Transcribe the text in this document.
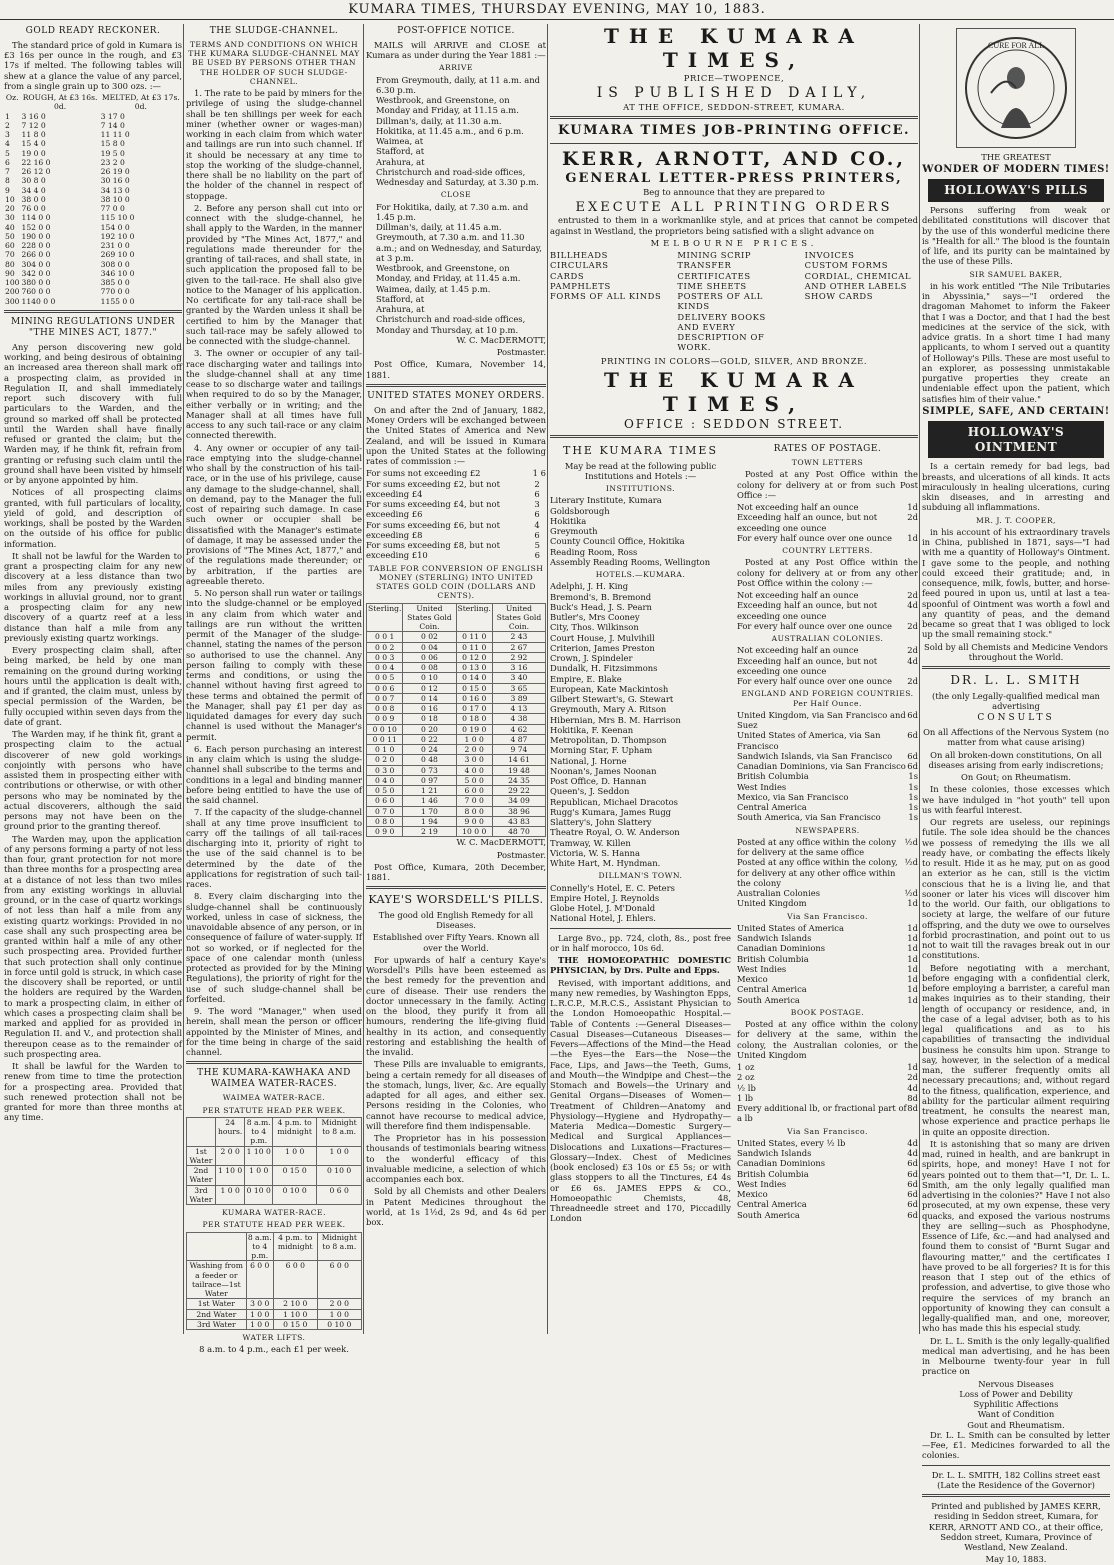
KUMARA TIMES, THURSDAY EVENING, MAY 10, 1883.
GOLD READY RECKONER.

The standard price of gold in Kumara is £3 16s per ounce in the rough, and £3 17s if melted. The following tables will shew at a glance the value of any parcel, from a single grain up to 300 ozs. :—

Oz.	ROUGH, At £3 16s. 0d.	MELTED, At £3 17s. 0d.
1	3 16 0	3 17 0
2	7 12 0	7 14 0
3	11 8 0	11 11 0
4	15 4 0	15 8 0
5	19 0 0	19 5 0
6	22 16 0	23 2 0
7	26 12 0	26 19 0
8	30 8 0	30 16 0
9	34 4 0	34 13 0
10	38 0 0	38 10 0
20	76 0 0	77 0 0
30	114 0 0	115 10 0
40	152 0 0	154 0 0
50	190 0 0	192 10 0
60	228 0 0	231 0 0
70	266 0 0	269 10 0
80	304 0 0	308 0 0
90	342 0 0	346 10 0
100	380 0 0	385 0 0
200	760 0 0	770 0 0
300	1140 0 0	1155 0 0
MINING REGULATIONS UNDER "THE MINES ACT, 1877."

Any person discovering new gold working, and being desirous of obtaining an increased area thereon shall mark off a prospecting claim, as provided in Regulation II, and shall immediately report such discovery with full particulars to the Warden, and the ground so marked off shall be protected until the Warden shall have finally refused or granted the claim; but the Warden may, if he think fit, refrain from granting or refusing such claim until the ground shall have been visited by himself or by anyone appointed by him.

Notices of all prospecting claims granted, with full particulars of locality, yield of gold, and description of workings, shall be posted by the Warden on the outside of his office for public information.

It shall not be lawful for the Warden to grant a prospecting claim for any new discovery at a less distance than two miles from any previously existing workings in alluvial ground, nor to grant a prospecting claim for any new discovery of a quartz reef at a less distance than half a mile from any previously existing quartz workings.

Every prospecting claim shall, after being marked, be held by one man remaining on the ground during working hours until the application is dealt with, and if granted, the claim must, unless by special permission of the Warden, be fully occupied within seven days from the date of grant.

The Warden may, if he think fit, grant a prospecting claim to the actual discoverer of new gold workings conjointly with persons who have assisted them in prospecting either with contributions or otherwise, or with other persons who may be nominated by the actual discoverers, although the said persons may not have been on the ground prior to the granting thereof.

The Warden may, upon the application of any persons forming a party of not less than four, grant protection for not more than three months for a prospecting area at a distance of not less than two miles from any existing workings in alluvial ground, or in the case of quartz workings of not less than half a mile from any existing quartz workings: Provided in no case shall any such prospecting area be granted within half a mile of any other such prospecting area. Provided further that such protection shall only continue in force until gold is struck, in which case the discovery shall be reported, or until the holders are required by the Warden to mark a prospecting claim, in either of which cases a prospecting claim shall be marked and applied for as provided in Regulation II. and V., and protection shall thereupon cease as to the remainder of such prospecting area.

It shall be lawful for the Warden to renew from time to time the protection for a prospecting area. Provided that such renewed protection shall not be granted for more than three months at any time.

THE SLUDGE-CHANNEL.
TERMS AND CONDITIONS ON WHICH THE KUMARA SLUDGE-CHANNEL MAY BE USED BY PERSONS OTHER THAN THE HOLDER OF SUCH SLUDGE-CHANNEL.

1. The rate to be paid by miners for the privilege of using the sludge-channel shall be ten shillings per week for each miner (whether owner or wages-man) working in each claim from which water and tailings are run into such channel. If it should be necessary at any time to stop the working of the sludge-channel, there shall be no liability on the part of the holder of the channel in respect of stoppage.

2. Before any person shall cut into or connect with the sludge-channel, he shall apply to the Warden, in the manner provided by "The Mines Act, 1877," and regulations made thereunder for the granting of tail-races, and shall state, in such application the proposed fall to be given to the tail-race. He shall also give notice to the Manager of his application. No certificate for any tail-race shall be granted by the Warden unless it shall be certified to him by the Manager that such tail-race may be safely allowed to be connected with the sludge-channel.

3. The owner or occupier of any tail-race discharging water and tailings into the sludge-channel shall at any time cease to so discharge water and tailings when required to do so by the Manager, either verbally or in writing; and the Manager shall at all times have full access to any such tail-race or any claim connected therewith.

4. Any owner or occupier of any tail-race emptying into the sludge-channel who shall by the construction of his tail-race, or in the use of his privilege, cause any damage to the sludge-channel, shall, on demand, pay to the Manager the full cost of repairing such damage. In case such owner or occupier shall be dissatisfied with the Manager's estimate of damage, it may be assessed under the provisions of "The Mines Act, 1877," and of the regulations made thereunder; or by arbitration, if the parties are agreeable thereto.

5. No person shall run water or tailings into the sludge-channel or be employed in any claim from which water and tailings are run without the written permit of the Manager of the sludge-channel, stating the names of the person so authorised to use the channel. Any person failing to comply with these terms and conditions, or using the channel without having first agreed to these terms and obtained the permit of the Manager, shall pay £1 per day as liquidated damages for every day such channel is used without the Manager's permit.

6. Each person purchasing an interest in any claim which is using the sludge-channel shall subscribe to the terms and conditions in a legal and binding manner before being entitled to have the use of the said channel.

7. If the capacity of the sludge-channel shall at any time prove insufficient to carry off the tailings of all tail-races discharging into it, priority of right to the use of the said channel is to be determined by the date of the applications for registration of such tail-races.

8. Every claim discharging into the sludge-channel shall be continuously worked, unless in case of sickness, the unavoidable absence of any person, or in consequence of failure of water-supply. If not so worked, or if neglected for the space of one calendar month (unless protected as provided for by the Mining Regulations), the priority of right for the use of such sludge-channel shall be forfeited.

9. The word "Manager," when used herein, shall mean the person or officer appointed by the Minister of Mines, and for the time being in charge of the said channel.

THE KUMARA-KAWHAKA AND WAIMEA WATER-RACES.
WAIMEA WATER-RACE.
PER STATUTE HEAD PER WEEK.
	24 hours.	8 a.m. to 4 p.m.	4 p.m. to midnight	Midnight to 8 a.m.
1st Water	2 0 0	1 10 0	1 0 0	1 0 0
2nd Water	1 10 0	1 0 0	0 15 0	0 10 0
3rd Water	1 0 0	0 10 0	0 10 0	0 6 0
KUMARA WATER-RACE.
PER STATUTE HEAD PER WEEK.
	8 a.m. to 4 p.m.	4 p.m. to midnight	Midnight to 8 a.m.
Washing from a feeder or tailrace—1st Water	6 0 0	6 0 0	6 0 0
1st Water	3 0 0	2 10 0	2 0 0
2nd Water	1 0 0	1 10 0	1 0 0
3rd Water	1 0 0	0 15 0	0 10 0
WATER LIFTS.

8 a.m. to 4 p.m., each £1 per week.

POST-OFFICE NOTICE.

MAILS will ARRIVE and CLOSE at Kumara as under during the Year 1881 :—

ARRIVE
From Greymouth, daily, at 11 a.m. and 6.30 p.m.
Westbrook, and Greenstone, on Monday and Friday, at 11.15 a.m.
Dillman's, daily, at 11.30 a.m.
Hokitika, at 11.45 a.m., and 6 p.m.
Waimea, at
Stafford, at
Arahura, at
Christchurch and road-side offices, Wednesday and Saturday, at 3.30 p.m.
CLOSE
For Hokitika, daily, at 7.30 a.m. and 1.45 p.m.
Dillman's, daily, at 11.45 a.m.
Greymouth, at 7.30 a.m. and 11.30 a.m.; and on Wednesday, and Saturday, at 3 p.m.
Westbrook, and Greenstone, on Monday, and Friday, at 11.45 a.m.
Waimea, daily, at 1.45 p.m.
Stafford, at
Arahura, at
Christchurch and road-side offices, Monday and Thursday, at 10 p.m.

W. C. MacDERMOTT,

Postmaster.

Post Office, Kumara, November 14, 1881.

UNITED STATES MONEY ORDERS.

On and after the 2nd of January, 1882, Money Orders will be exchanged between the United States of America and New Zealand, and will be issued in Kumara upon the United States at the following rates of commission :—

For sums not exceeding £2	1 6
For sums exceeding £2, but not exceeding £4
2 6
For sums exceeding £4, but not exceeding £6
3 6
For sums exceeding £6, but not exceeding £8
4 6
For sums exceeding £8, but not exceeding £10
5 6
TABLE FOR CONVERSION OF ENGLISH MONEY (STERLING) INTO UNITED STATES GOLD COIN (DOLLARS AND CENTS).
Sterling.	United States Gold Coin.	Sterling.	United States Gold Coin.
0 0 1	0 02	0 11 0	2 43
0 0 2	0 04	0 11 0	2 67
0 0 3	0 06	0 12 0	2 92
0 0 4	0 08	0 13 0	3 16
0 0 5	0 10	0 14 0	3 40
0 0 6	0 12	0 15 0	3 65
0 0 7	0 14	0 16 0	3 89
0 0 8	0 16	0 17 0	4 13
0 0 9	0 18	0 18 0	4 38
0 0 10	0 20	0 19 0	4 62
0 0 11	0 22	1 0 0	4 87
0 1 0	0 24	2 0 0	9 74
0 2 0	0 48	3 0 0	14 61
0 3 0	0 73	4 0 0	19 48
0 4 0	0 97	5 0 0	24 35
0 5 0	1 21	6 0 0	29 22
0 6 0	1 46	7 0 0	34 09
0 7 0	1 70	8 0 0	38 96
0 8 0	1 94	9 0 0	43 83
0 9 0	2 19	10 0 0	48 70

W. C. MacDERMOTT,

Postmaster.

Post Office, Kumara, 20th December, 1881.

KAYE'S WORSDELL'S PILLS.

The good old English Remedy for all Diseases.

Established over Fifty Years. Known all over the World.

For upwards of half a century Kaye's Worsdell's Pills have been esteemed as the best remedy for the prevention and cure of disease. Their use renders the doctor unnecessary in the family. Acting on the blood, they purify it from all humours, rendering the life-giving fluid healthy in its action, and consequently restoring and establishing the health of the invalid.

These Pills are invaluable to emigrants, being a certain remedy for all diseases of the stomach, lungs, liver, &c. Are equally adapted for all ages, and either sex. Persons residing in the Colonies, who cannot have recourse to medical advice, will therefore find them indispensable.

The Proprietor has in his possession thousands of testimonials bearing witness to the wonderful efficacy of this invaluable medicine, a selection of which accompanies each box.

Sold by all Chemists and other Dealers in Patent Medicines throughout the world, at 1s 1½d, 2s 9d, and 4s 6d per box.

THE KUMARA TIMES,

PRICE—TWOPENCE,

IS PUBLISHED DAILY,

AT THE OFFICE, SEDDON-STREET, KUMARA.

KUMARA TIMES JOB-PRINTING OFFICE.
KERR, ARNOTT, AND CO.,
GENERAL LETTER-PRESS PRINTERS,

Beg to announce that they are prepared to

EXECUTE ALL PRINTING ORDERS

entrusted to them in a workmanlike style, and at prices that cannot be competed against in Westland, the proprietors being satisfied with a slight advance on

MELBOURNE PRICES.

BILLHEADS
CIRCULARS
CARDS
PAMPHLETS
FORMS OF ALL KINDS
MINING SCRIP
TRANSFER CERTIFICATES
TIME SHEETS
POSTERS OF ALL KINDS
DELIVERY BOOKS
AND EVERY DESCRIPTION OF WORK.
INVOICES
CUSTOM FORMS
CORDIAL, CHEMICAL
AND OTHER LABELS
SHOW CARDS

PRINTING IN COLORS—GOLD, SILVER, AND BRONZE.

THE KUMARA TIMES,
OFFICE : SEDDON STREET.
THE KUMARA TIMES

May be read at the following public Institutions and Hotels :—

INSTITUTIONS.
Literary Institute, Kumara
Goldsborough
Hokitika
Greymouth
County Council Office, Hokitika
Reading Room, Ross
Assembly Reading Rooms, Wellington
HOTELS.—KUMARA.
Adelphi, J. H. King
Bremond's, B. Bremond
Buck's Head, J. S. Pearn
Butler's, Mrs Cooney
City, Thos. Wilkinson
Court House, J. Mulvihill
Criterion, James Preston
Crown, J. Spindeler
Dundalk, H. Fitzsimmons
Empire, E. Blake
European, Kate Mackintosh
Gilbert Stewart's, G. Stewart
Greymouth, Mary A. Ritson
Hibernian, Mrs B. M. Harrison
Hokitika, F. Keenan
Metropolitan, D. Thompson
Morning Star, F. Upham
National, J. Horne
Noonan's, James Noonan
Post Office, D. Hannan
Queen's, J. Seddon
Republican, Michael Dracotos
Rugg's Kumara, James Rugg
Slattery's, John Slattery
Theatre Royal, O. W. Anderson
Tramway, W. Killen
Victoria, W. S. Hanna
White Hart, M. Hyndman.
DILLMAN'S TOWN.
Connelly's Hotel, E. C. Peters
Empire Hotel, J. Reynolds
Globe Hotel, J. M'Donald
National Hotel, J. Ehlers.

Large 8vo., pp. 724, cloth, 8s., post free or in half morocco, 10s 6d.

THE HOMOEOPATHIC DOMESTIC PHYSICIAN, by Drs. Pulte and Epps.

Revised, with important additions, and many new remedies, by Washington Epps, L.R.C.P., M.R.C.S., Assistant Physician to the London Homoeopathic Hospital.—Table of Contents :—General Diseases—Casual Diseases—Cutaneous Diseases—Fevers—Affections of the Mind—the Head—the Eyes—the Ears—the Nose—the Face, Lips, and Jaws—the Teeth, Gums, and Mouth—the Windpipe and Chest—the Stomach and Bowels—the Urinary and Genital Organs—Diseases of Women—Treatment of Children—Anatomy and Physiology—Hygiene and Hydropathy—Materia Medica—Domestic Surgery—Medical and Surgical Appliances—Dislocations and Luxations—Fractures—Glossary—Index. Chest of Medicines (book enclosed) £3 10s or £5 5s; or with glass stoppers to all the Tinctures, £4 4s or £6 6s. JAMES EPPS & CO., Homoeopathic Chemists, 48, Threadneedle street and 170, Piccadilly London

RATES OF POSTAGE.
TOWN LETTERS

Posted at any Post Office within the colony for delivery at or from such Post Office :—

Not exceeding half an ounce	1d
Exceeding half an ounce, but not exceeding one ounce
2d
For every half ounce over one ounce 1d
COUNTRY LETTERS.

Posted at any Post Office within the colony for delivery at or from any other Post Office within the colony :—

Not exceeding half an ounce	2d
Exceeding half an ounce, but not exceeding one ounce
4d
For every half ounce over one ounce 2d
AUSTRALIAN COLONIES.
Not exceeding half an ounce	2d
Exceeding half an ounce, but not exceeding one ounce
4d
For every half ounce over one ounce 2d
ENGLAND AND FOREIGN COUNTRIES. Per Half Ounce.
United Kingdom, via San Francisco and Suez
6d
United States of America, via San Francisco
6d
Sandwich Islands, via San Francisco 6d
Canadian Dominions, via San Francisco 6d
British Columbia	1s
West Indies	1s
Mexico, via San Francisco	1s
Central America	1s
South America, via San Francisco	1s
NEWSPAPERS.
Posted at any office within the colony for delivery at the same office
½d
Posted at any office within the colony, for delivery at any other office within the colony
½d
Australian Colonies	½d
United Kingdom	1d
Via San Francisco.
United States of America	1d
Sandwich Islands	1d
Canadian Dominions	1d
British Columbia	1d
West Indies	1d
Mexico	1d
Central America	1d
South America	1d
BOOK POSTAGE.

Posted at any office within the colony for delivery at the same, within the colony, the Australian colonies, or the United Kingdom

1 oz	1d
2 oz	2d
½ lb	4d
1 lb	8d
Every additional lb, or fractional part of a lb
8d
Via San Francisco.
United States, every ½ lb	4d
Sandwich Islands	4d
Canadian Dominions	6d
British Columbia	6d
West Indies	6d
Mexico	6d
Central America	6d
South America	6d
CURE FOR ALL

THE GREATEST

WONDER OF MODERN TIMES!
HOLLOWAY'S PILLS

Persons suffering from weak or debilitated constitutions will discover that by the use of this wonderful medicine there is "Health for all." The blood is the fountain of life, and its purity can be maintained by the use of these Pills.

SIR SAMUEL BAKER,

in his work entitled "The Nile Tributaries in Abyssinia," says—"I ordered the dragoman Mahomet to inform the Fakeer that I was a Doctor, and that I had the best medicines at the service of the sick, with advice gratis. In a short time I had many applicants, to whom I served out a quantity of Holloway's Pills. These are most useful to an explorer, as possessing unmistakable purgative properties they create an undeniable effect upon the patient, which satisfies him of their value."

SIMPLE, SAFE, AND CERTAIN!
HOLLOWAY'S OINTMENT

Is a certain remedy for bad legs, bad breasts, and ulcerations of all kinds. It acts miraculously in healing ulcerations, curing skin diseases, and in arresting and subduing all inflammations.

MR. J. T. COOPER,

in his account of his extraordinary travels in China, published in 1871, says—"I had with me a quantity of Holloway's Ointment. I gave some to the people, and nothing could exceed their gratitude; and, in consequence, milk, fowls, butter, and horse-feed poured in upon us, until at last a tea-spoonful of Ointment was worth a fowl and any quantity of peas, and the demand became so great that I was obliged to lock up the small remaining stock."

Sold by all Chemists and Medicine Vendors throughout the World.

DR. L. L. SMITH

(the only Legally-qualified medical man advertising

CONSULTS

On all Affections of the Nervous System (no matter from what cause arising)

On all broken-down constitutions, On all diseases arising from early indiscretions;

On Gout; on Rheumatism.

In these colonies, those excesses which we have indulged in "hot youth" tell upon us with fearful interest.

Our regrets are useless, our repinings futile. The sole idea should be the chances we possess of remedying the ills we all ready have, or combating the effects likely to result. Hide it as he may, put on as good an exterior as he can, still is the victim conscious that he is a living lie, and that sooner or later his vices will discover him to the world. Our faith, our obligations to society at large, the welfare of our future offspring, and the duty we owe to ourselves forbid procrastination, and point out to us not to wait till the ravages break out in our constitutions.

Before negotiating with a merchant, before engaging with a confidential clerk, before employing a barrister, a careful man makes inquiries as to their standing, their length of occupancy or residence, and, in the case of a legal adviser, both as to his legal qualifications and as to his capabilities of transacting the individual business he consults him upon. Strange to say, however, in the selection of a medical man, the sufferer frequently omits all necessary precautions; and, without regard to the fitness, qualification, experience, and ability for the particular ailment requiring treatment, he consults the nearest man, whose experience and practice perhaps lie in quite an opposite direction.

It is astonishing that so many are driven mad, ruined in health, and are bankrupt in spirits, hope, and money! Have I not for years pointed out to them that—"I, Dr. L. L. Smith, am the only legally qualified man advertising in the colonies?" Have I not also prosecuted, at my own expense, these very quacks, and exposed the various nostrums they are selling—such as Phosphodyne, Essence of Life, &c.—and had analysed and found them to consist of "Burnt Sugar and flavouring matter," and the certificates I have proved to be all forgeries? It is for this reason that I step out of the ethics of profession, and advertise, to give those who require the services of my branch an opportunity of knowing they can consult a legally-qualified man, and one, moreover, who has made this his especial study.

Dr. L. L. Smith is the only legally-qualified medical man advertising, and he has been in Melbourne twenty-four year in full practice on

Nervous Diseases
Loss of Power and Debility
Syphilitic Affections
Want of Condition
Gout and Rheumatism.

Dr. L. L. Smith can be consulted by letter—Fee, £1. Medicines forwarded to all the colonies.

Dr. L. L. SMITH, 182 Collins street east (Late the Residence of the Governor)

Printed and published by JAMES KERR, residing in Seddon street, Kumara, for KERR, ARNOTT AND CO., at their office, Seddon street, Kumara, Province of Westland, New Zealand.

May 10, 1883.
